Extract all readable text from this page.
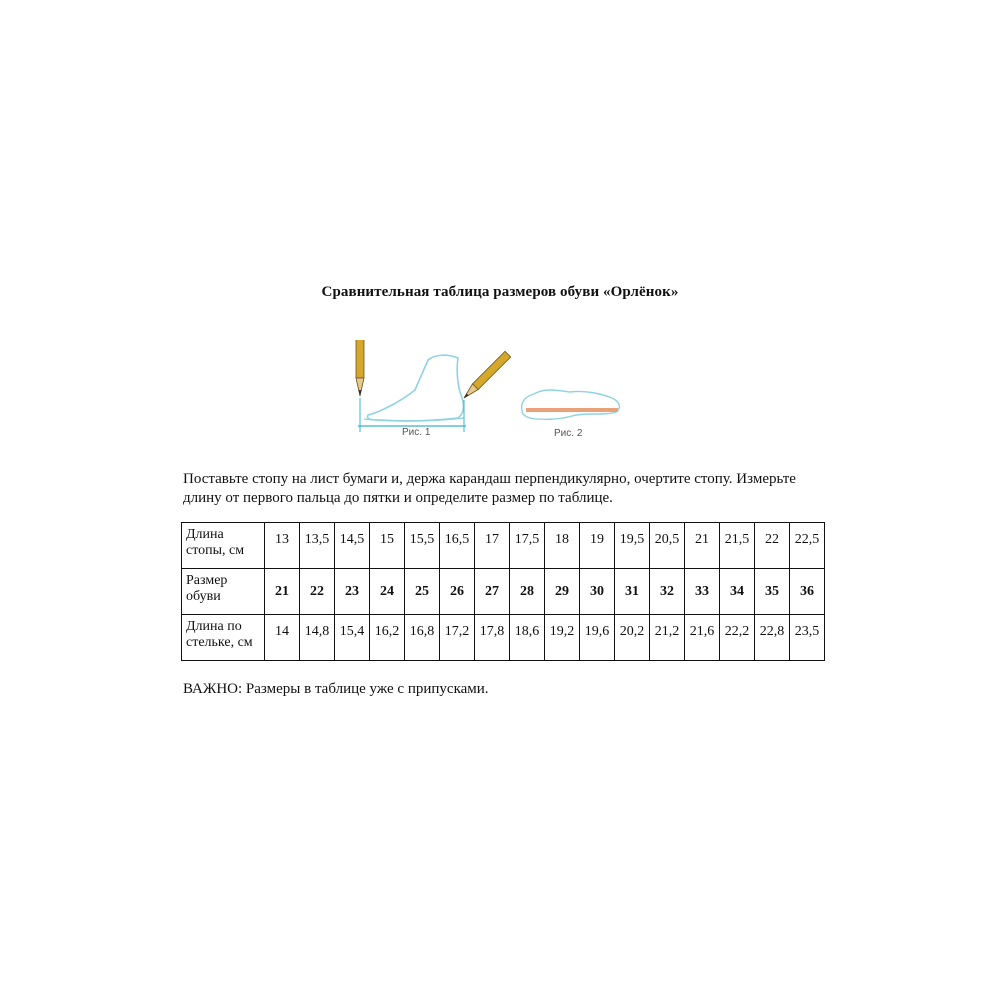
Сравнительная таблица размеров обуви «Орлёнок»
Рис. 1	Рис. 2
Поставьте стопу на лист бумаги и, держа карандаш перпендикулярно, очертите стопу. Измерьте длину от первого пальца до пятки и определите размер по таблице.
Длина стопы, см	13	13,5	14,5	15	15,5	16,5	17	17,5	18	19	19,5	20,5	21	21,5	22	22,5
Размер обуви	21	22	23	24	25	26	27	28	29	30	31	32	33	34	35	36
Длина по стельке, см	14	14,8	15,4	16,2	16,8	17,2	17,8	18,6	19,2	19,6	20,2	21,2	21,6	22,2	22,8	23,5
ВАЖНО: Размеры в таблице уже с припусками.
